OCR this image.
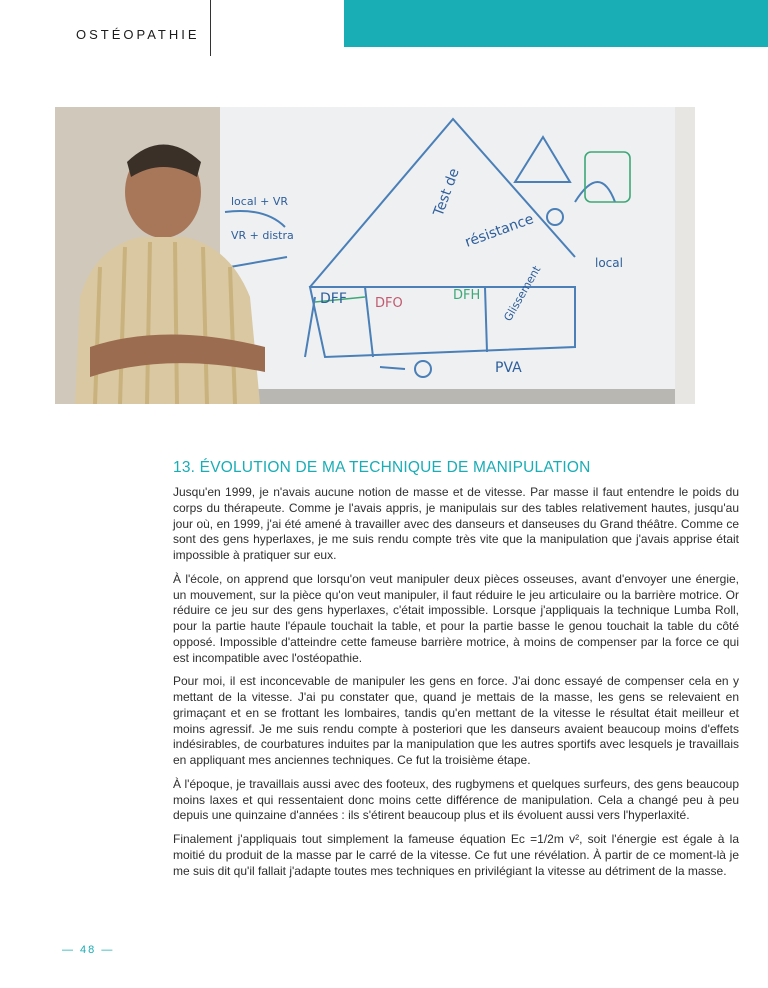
OSTÉOPATHIE
Test de
résistance
DFF
PVA
Glissement
local
local + VR
VR + distra
DFO
DFH
13. ÉVOLUTION DE MA TECHNIQUE DE MANIPULATION

Jusqu'en 1999, je n'avais aucune notion de masse et de vitesse. Par masse il faut entendre le poids du corps du thérapeute. Comme je l'avais appris, je manipulais sur des tables relativement hautes, jusqu'au jour où, en 1999, j'ai été amené à travailler avec des danseurs et danseuses du Grand théâtre. Comme ce sont des gens hyperlaxes, je me suis rendu compte très vite que la manipulation que j'avais apprise était impossible à pratiquer sur eux.

À l'école, on apprend que lorsqu'on veut manipuler deux pièces osseuses, avant d'envoyer une énergie, un mouvement, sur la pièce qu'on veut manipuler, il faut réduire le jeu articulaire ou la barrière motrice. Or réduire ce jeu sur des gens hyperlaxes, c'était impossible. Lorsque j'appliquais la technique Lumba Roll, pour la partie haute l'épaule touchait la table, et pour la partie basse le genou touchait la table du côté opposé. Impossible d'atteindre cette fameuse barrière motrice, à moins de compenser par la force ce qui est incompatible avec l'ostéopathie.

Pour moi, il est inconcevable de manipuler les gens en force. J'ai donc essayé de compenser cela en y mettant de la vitesse. J'ai pu constater que, quand je mettais de la masse, les gens se relevaient en grimaçant et en se frottant les lombaires, tandis qu'en mettant de la vitesse le résultat était meilleur et moins agressif. Je me suis rendu compte à posteriori que les danseurs avaient beaucoup moins d'effets indésirables, de courbatures induites par la manipulation que les autres sportifs avec lesquels je travaillais en appliquant mes anciennes techniques. Ce fut la troisième étape.

À l'époque, je travaillais aussi avec des footeux, des rugbymens et quelques surfeurs, des gens beaucoup moins laxes et qui ressentaient donc moins cette différence de manipulation. Cela a changé peu à peu depuis une quinzaine d'années : ils s'étirent beaucoup plus et ils évoluent aussi vers l'hyperlaxité.

Finalement j'appliquais tout simplement la fameuse équation Ec =1/2m v², soit l'énergie est égale à la moitié du produit de la masse par le carré de la vitesse. Ce fut une révélation. À partir de ce moment-là je me suis dit qu'il fallait j'adapte toutes mes techniques en privilégiant la vitesse au détriment de la masse.

— 48 —
